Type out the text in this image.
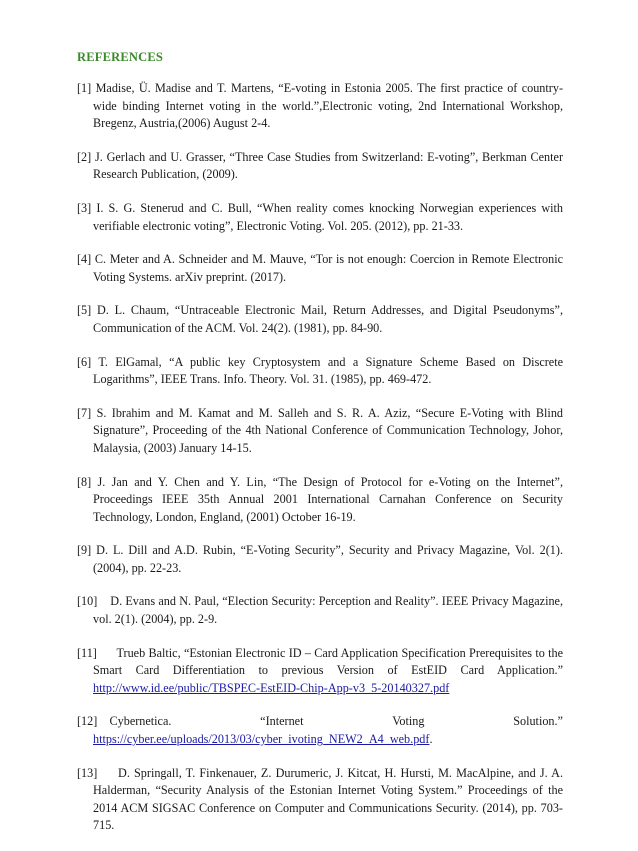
REFERENCES
[1] Madise, Ü. Madise and T. Martens, “E-voting in Estonia 2005. The first practice of country-wide binding Internet voting in the world.”,Electronic voting, 2nd International Workshop, Bregenz, Austria,(2006) August 2-4.
[2] J. Gerlach and U. Grasser, “Three Case Studies from Switzerland: E-voting”, Berkman Center Research Publication, (2009).
[3] I. S. G. Stenerud and C. Bull, “When reality comes knocking Norwegian experiences with verifiable electronic voting”, Electronic Voting. Vol. 205. (2012), pp. 21-33.
[4] C. Meter and A. Schneider and M. Mauve, “Tor is not enough: Coercion in Remote Electronic Voting Systems. arXiv preprint. (2017).
[5] D. L. Chaum, “Untraceable Electronic Mail, Return Addresses, and Digital Pseudonyms”, Communication of the ACM. Vol. 24(2). (1981), pp. 84-90.
[6] T. ElGamal, “A public key Cryptosystem and a Signature Scheme Based on Discrete Logarithms”, IEEE Trans. Info. Theory. Vol. 31. (1985), pp. 469-472.
[7] S. Ibrahim and M. Kamat and M. Salleh and S. R. A. Aziz, “Secure E-Voting with Blind Signature”, Proceeding of the 4th National Conference of Communication Technology, Johor, Malaysia, (2003) January 14-15.
[8] J. Jan and Y. Chen and Y. Lin, “The Design of Protocol for e-Voting on the Internet”, Proceedings IEEE 35th Annual 2001 International Carnahan Conference on Security Technology, London, England, (2001) October 16-19.
[9] D. L. Dill and A.D. Rubin, “E-Voting Security”, Security and Privacy Magazine, Vol. 2(1). (2004), pp. 22-23.
[10] D. Evans and N. Paul, “Election Security: Perception and Reality”. IEEE Privacy Magazine, vol. 2(1). (2004), pp. 2-9.
[11] Trueb Baltic, “Estonian Electronic ID – Card Application Specification Prerequisites to the Smart Card Differentiation to previous Version of EstEID Card Application.” http://www.id.ee/public/TBSPEC-EstEID-Chip-App-v3_5-20140327.pdf
[12] Cybernetica.	“Internet	Voting	Solution.”
https://cyber.ee/uploads/2013/03/cyber_ivoting_NEW2_A4_web.pdf.
[13] D. Springall, T. Finkenauer, Z. Durumeric, J. Kitcat, H. Hursti, M. MacAlpine, and J. A. Halderman, “Security Analysis of the Estonian Internet Voting System.” Proceedings of the 2014 ACM SIGSAC Conference on Computer and Communications Security. (2014), pp. 703-715.
